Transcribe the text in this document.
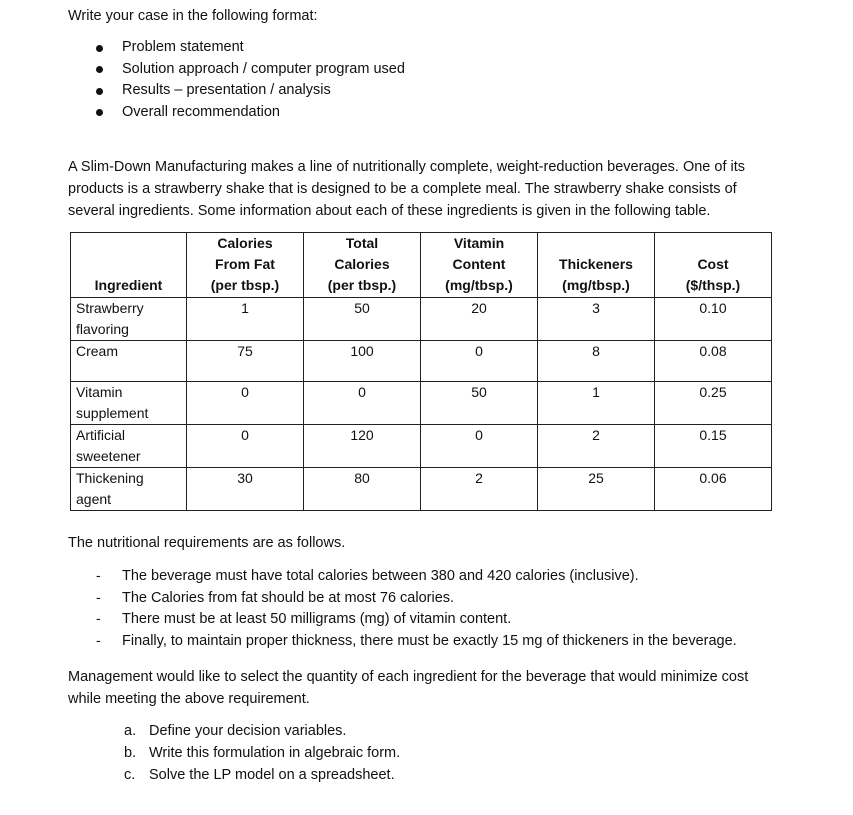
Write your case in the following format:
Problem statement
Solution approach / computer program used
Results – presentation / analysis
Overall recommendation
A Slim-Down Manufacturing makes a line of nutritionally complete, weight-reduction beverages. One of its products is a strawberry shake that is designed to be a complete meal. The strawberry shake consists of several ingredients. Some information about each of these ingredients is given in the following table.
Ingredient	Calories
From Fat
(per tbsp.)	Total
Calories
(per tbsp.)	Vitamin
Content
(mg/tbsp.)	Thickeners
(mg/tbsp.)	Cost
($/thsp.)

Strawberry
flavoring	1	50	20	3	0.10

Cream	75	100	0	8	0.08

Vitamin
supplement	0	0	50	1	0.25

Artificial
sweetener	0	120	0	2	0.15

Thickening
agent	30	80	2	25	0.06
The nutritional requirements are as follows.
- The beverage must have total calories between 380 and 420 calories (inclusive).
- The Calories from fat should be at most 76 calories.
- There must be at least 50 milligrams (mg) of vitamin content.
- Finally, to maintain proper thickness, there must be exactly 15 mg of thickeners in the beverage.
Management would like to select the quantity of each ingredient for the beverage that would minimize cost while meeting the above requirement.
a. Define your decision variables.
b. Write this formulation in algebraic form.
c. Solve the LP model on a spreadsheet.
